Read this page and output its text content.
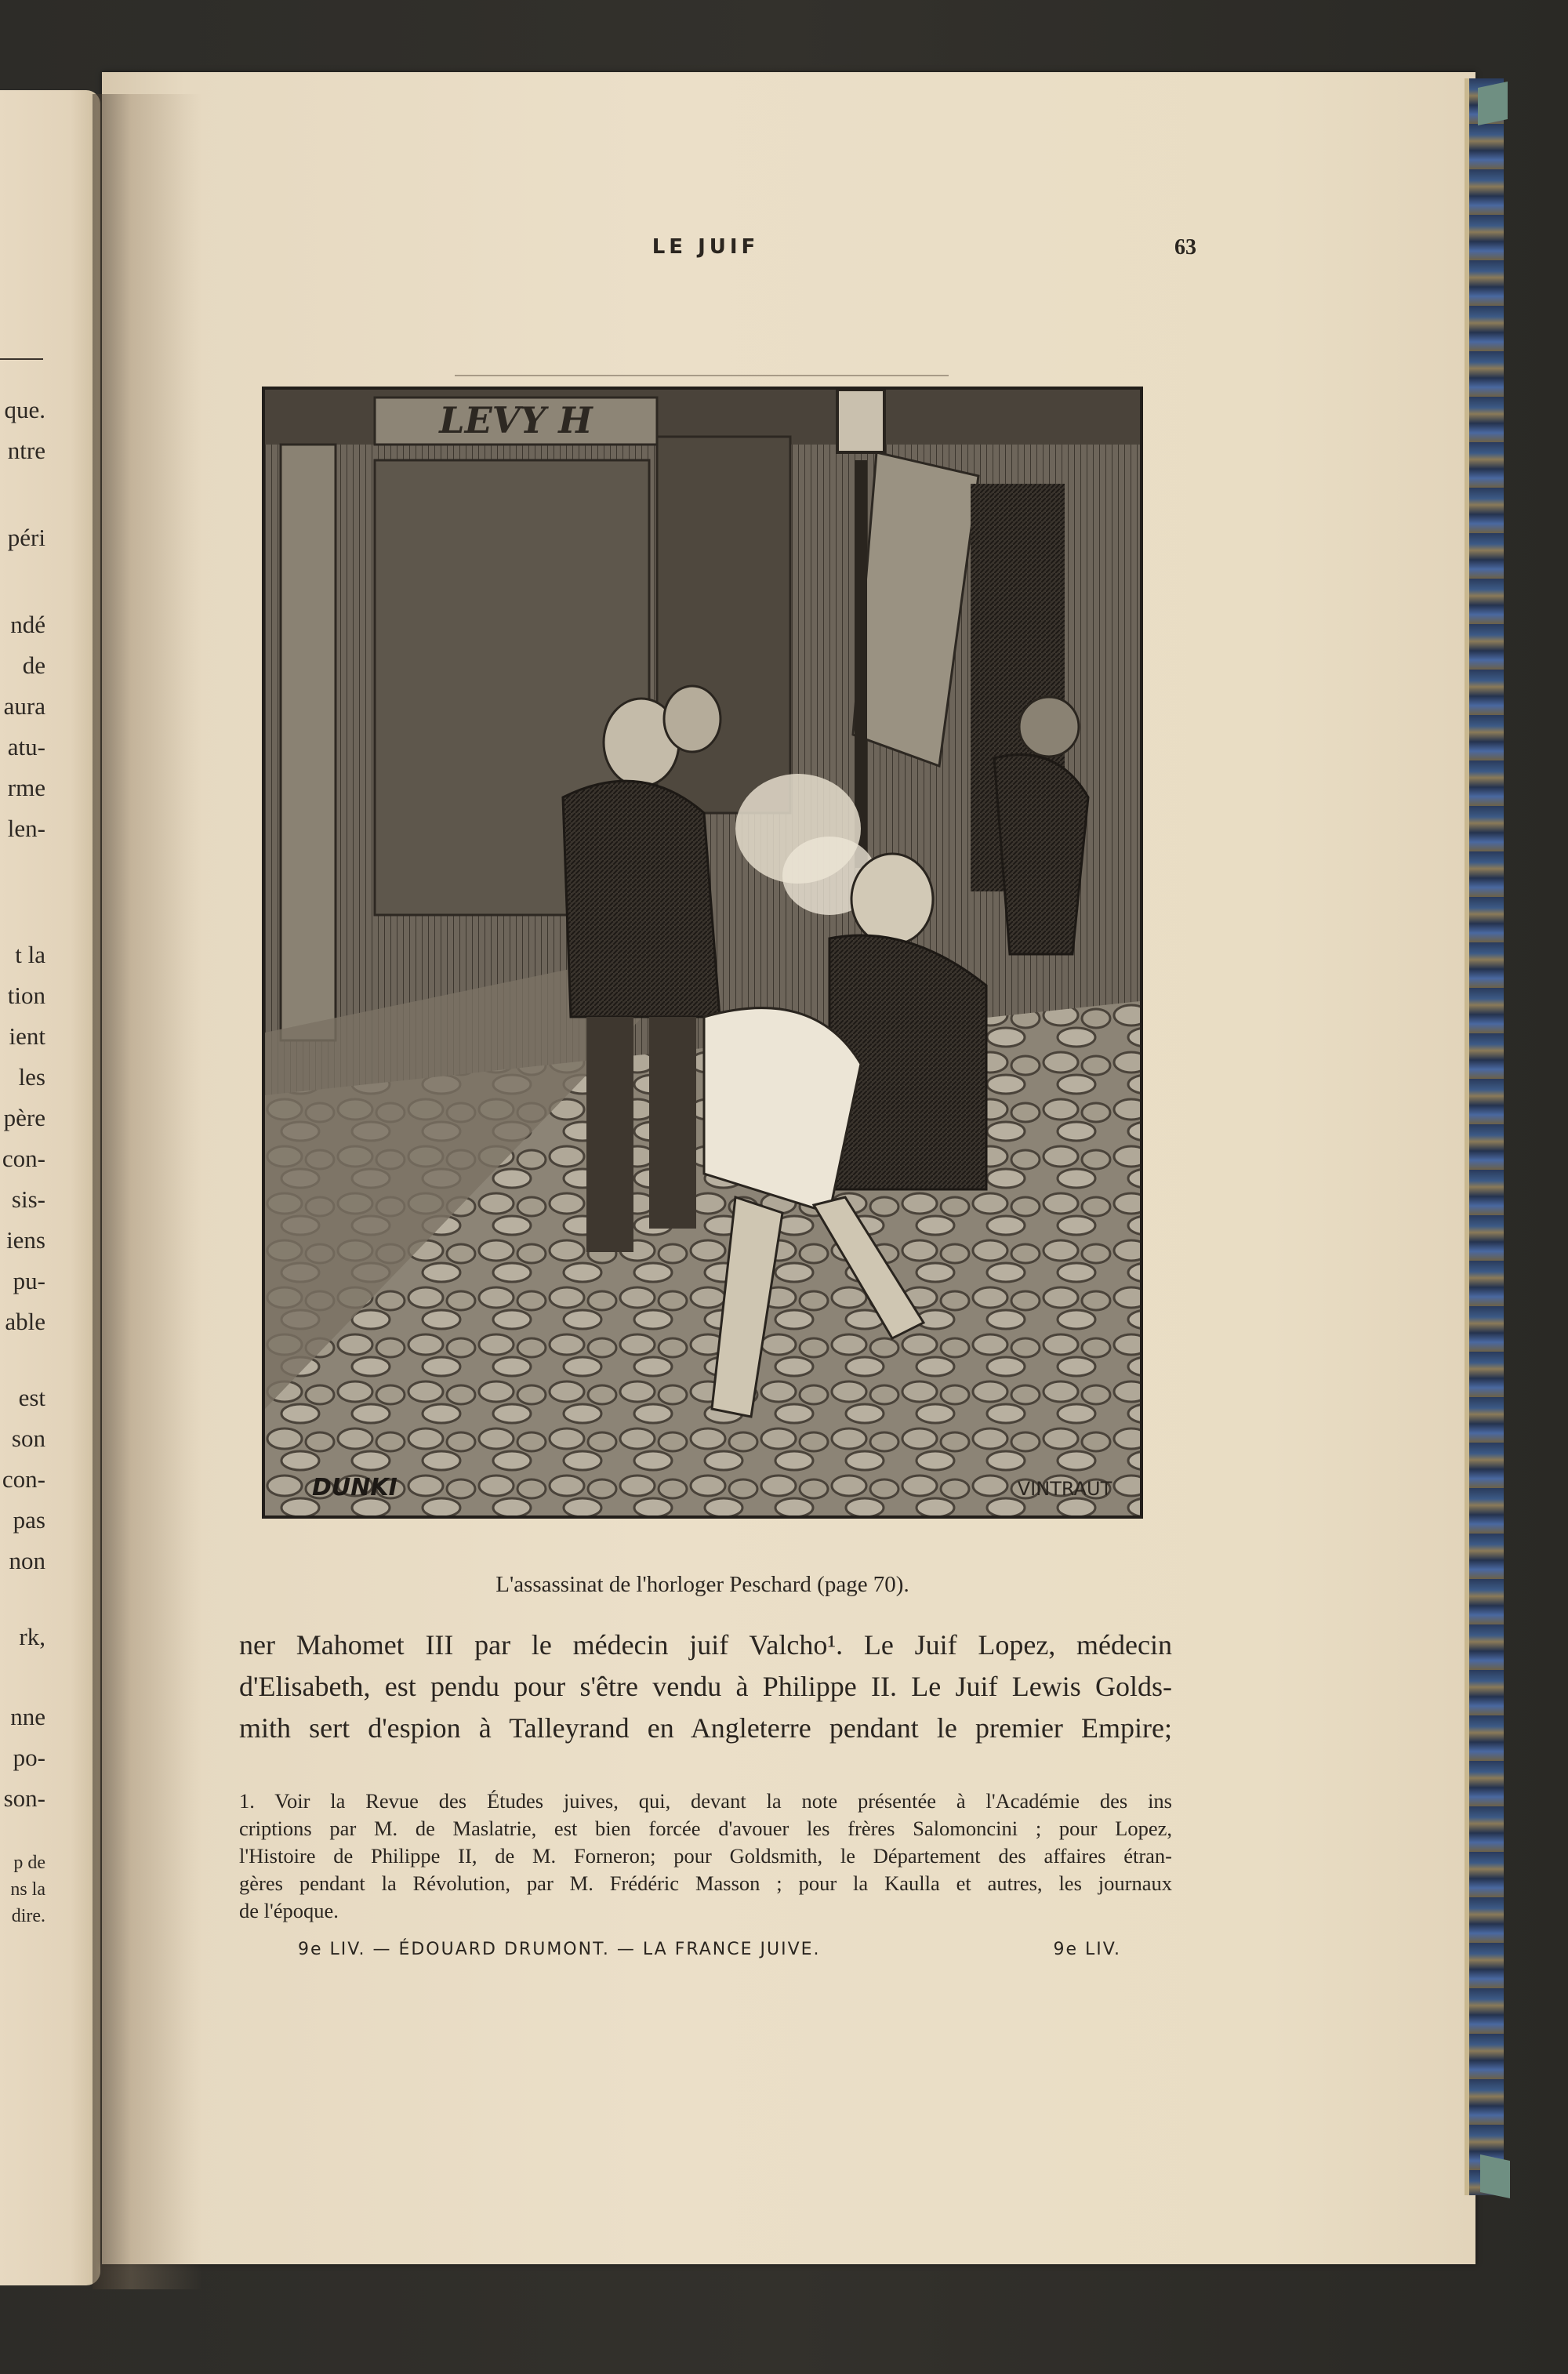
que.
ntre
péri
ndé
de
aura
atu-
rme
len-
t la
tion
ient
les
père
con-
sis-
iens
pu-
able
est
son
con-
pas
non
rk,
nne
po-
son-
p de
ns la
dire.
LE JUIF	63
LEVY H
DUNKI	VINTRAUT
L'assassinat de l'horloger Peschard (page 70).
ner Mahomet III par le médecin juif Valcho¹. Le Juif Lopez, médecin
d'Elisabeth, est pendu pour s'être vendu à Philippe II. Le Juif Lewis Golds-
mith sert d'espion à Talleyrand en Angleterre pendant le premier Empire;
1. Voir la Revue des Études juives, qui, devant la note présentée à l'Académie des ins
criptions par M. de Maslatrie, est bien forcée d'avouer les frères Salomoncini ; pour Lopez,
l'Histoire de Philippe II, de M. Forneron; pour Goldsmith, le Département des affaires étran-
gères pendant la Révolution, par M. Frédéric Masson ; pour la Kaulla et autres, les journaux
de l'époque.
9e LIV. — ÉDOUARD DRUMONT. — LA FRANCE JUIVE.	9e LIV.
